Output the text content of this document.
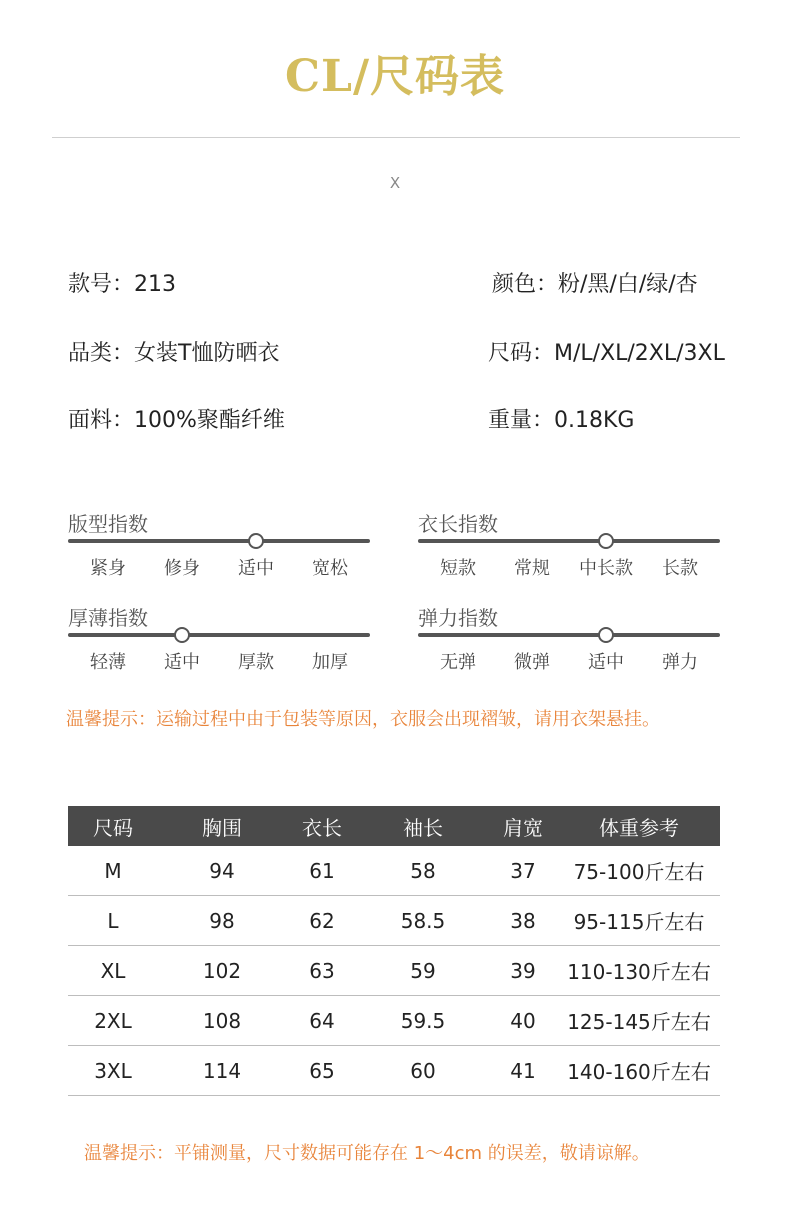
CL/尺码表
X
款号：213	颜色：粉/黑/白/绿/杏
品类：女装T恤防晒衣	尺码：M/L/XL/2XL/3XL
面料：100%聚酯纤维	重量：0.18KG
版型指数
紧身	修身	适中	宽松
衣长指数
短款	常规	中长款	长款
厚薄指数
轻薄	适中	厚款	加厚
弹力指数
无弹	微弹	适中	弹力
温馨提示：运输过程中由于包装等原因，衣服会出现褶皱，请用衣架悬挂。
尺码	胸围	衣长	袖长	肩宽	体重参考
M	94	61	58	37	75-100斤左右
L	98	62	58.5	38	95-115斤左右
XL	102	63	59	39	110-130斤左右
2XL	108	64	59.5	40	125-145斤左右
3XL	114	65	60	41	140-160斤左右
温馨提示：平铺测量，尺寸数据可能存在 1～4cm 的误差，敬请谅解。
